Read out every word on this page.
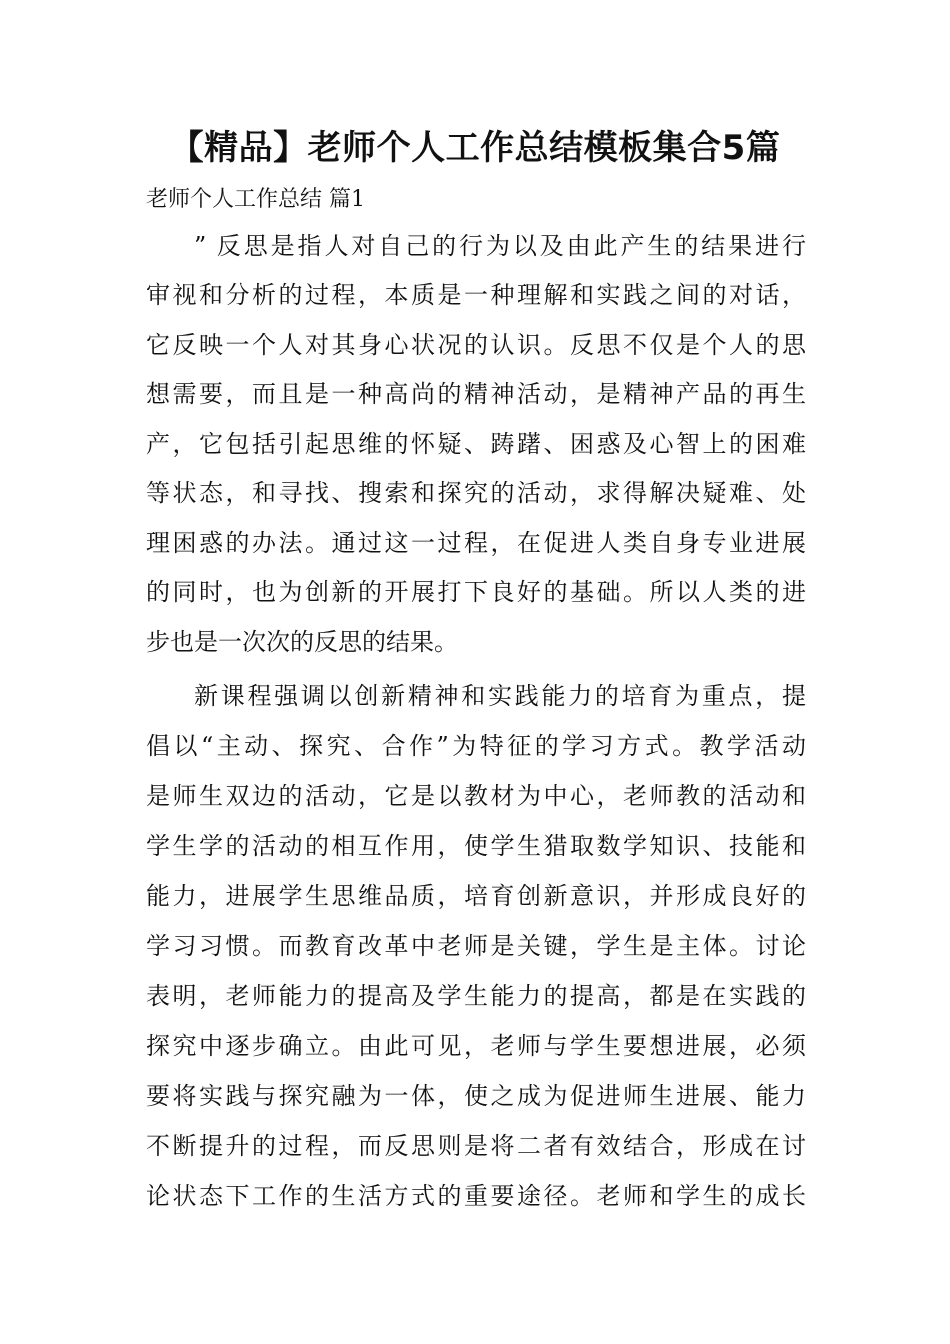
【精品】老师个人工作总结模板集合5篇
老师个人工作总结 篇1

” 反思是指人对自己的行为以及由此产生的结果进行

审视和分析的过程，本质是一种理解和实践之间的对话，

它反映一个人对其身心状况的认识。反思不仅是个人的思

想需要，而且是一种高尚的精神活动，是精神产品的再生

产，它包括引起思维的怀疑、踌躇、困惑及心智上的困难

等状态，和寻找、搜索和探究的活动，求得解决疑难、处

理困惑的办法。通过这一过程，在促进人类自身专业进展

的同时，也为创新的开展打下良好的基础。所以人类的进

步也是一次次的反思的结果。

新课程强调以创新精神和实践能力的培育为重点，提

倡以“主动、探究、合作”为特征的学习方式。教学活动

是师生双边的活动，它是以教材为中心，老师教的活动和

学生学的活动的相互作用，使学生猎取数学知识、技能和

能力，进展学生思维品质，培育创新意识，并形成良好的

学习习惯。而教育改革中老师是关键，学生是主体。讨论

表明，老师能力的提高及学生能力的提高，都是在实践的

探究中逐步确立。由此可见，老师与学生要想进展，必须

要将实践与探究融为一体，使之成为促进师生进展、能力

不断提升的过程，而反思则是将二者有效结合，形成在讨

论状态下工作的生活方式的重要途径。老师和学生的成长
